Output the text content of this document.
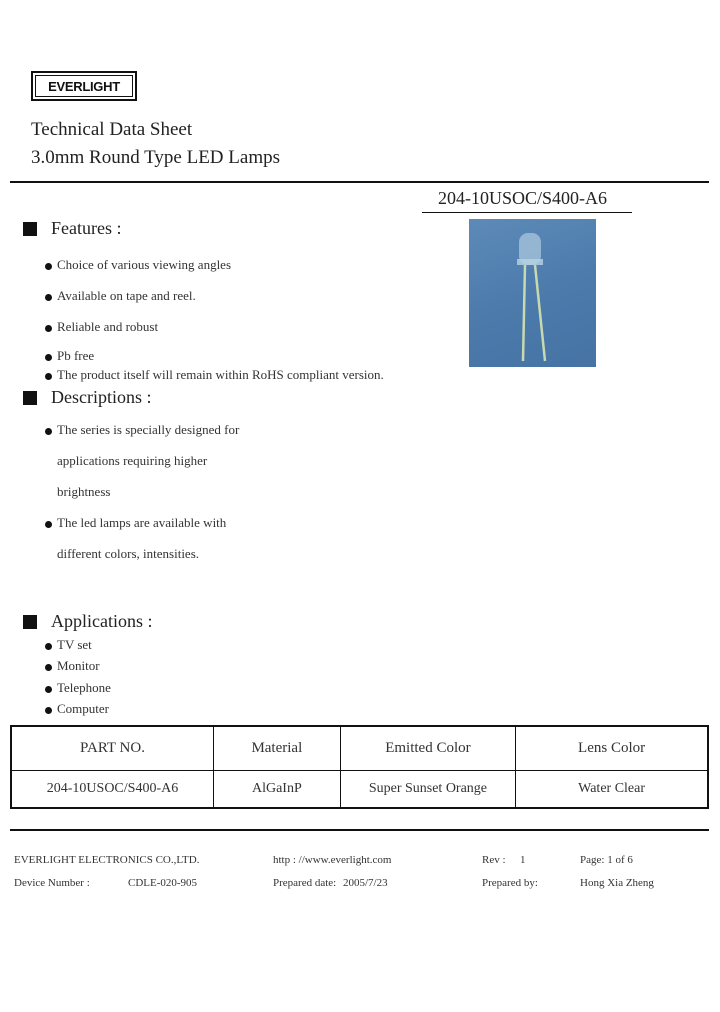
EVERLIGHT
Technical Data Sheet
3.0mm Round Type LED Lamps
204-10USOC/S400-A6
Features :
Choice of various viewing angles
Available on tape and reel.
Reliable and robust
Pb free
The product itself will remain within RoHS compliant version.
Descriptions :
The series is specially designed for
applications requiring higher
brightness
The led lamps are available with
different colors, intensities.
Applications :
TV set
Monitor
Telephone
Computer
PART NO.	Material	Emitted Color	Lens Color
204-10USOC/S400-A6	AlGaInP	Super Sunset Orange	Water Clear
EVERLIGHT ELECTRONICS CO.,LTD.	http : //www.everlight.com	Rev : 1	Page: 1 of 6
Device Number :	CDLE-020-905	Prepared date: 2005/7/23	Prepared by:	Hong Xia Zheng
